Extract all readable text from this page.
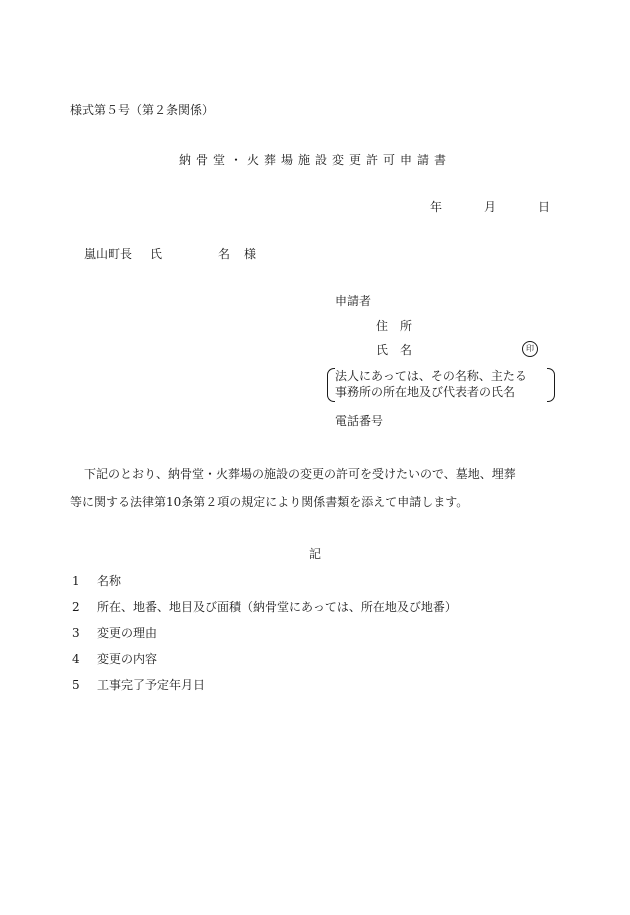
様式第５号（第２条関係）
納骨堂・火葬場施設変更許可申請書
年	月	日
嵐山町長 氏	名 様
申請者
住　所
氏　名	印
法人にあっては、その名称、主たる
事務所の所在地及び代表者の氏名
電話番号

下記のとおり、納骨堂・火葬場の施設の変更の許可を受けたいので、墓地、埋葬

等に関する法律第10条第２項の規定により関係書類を添えて申請します。

記
1 名称
2 所在、地番、地目及び面積（納骨堂にあっては、所在地及び地番）
3 変更の理由
4 変更の内容
5 工事完了予定年月日
